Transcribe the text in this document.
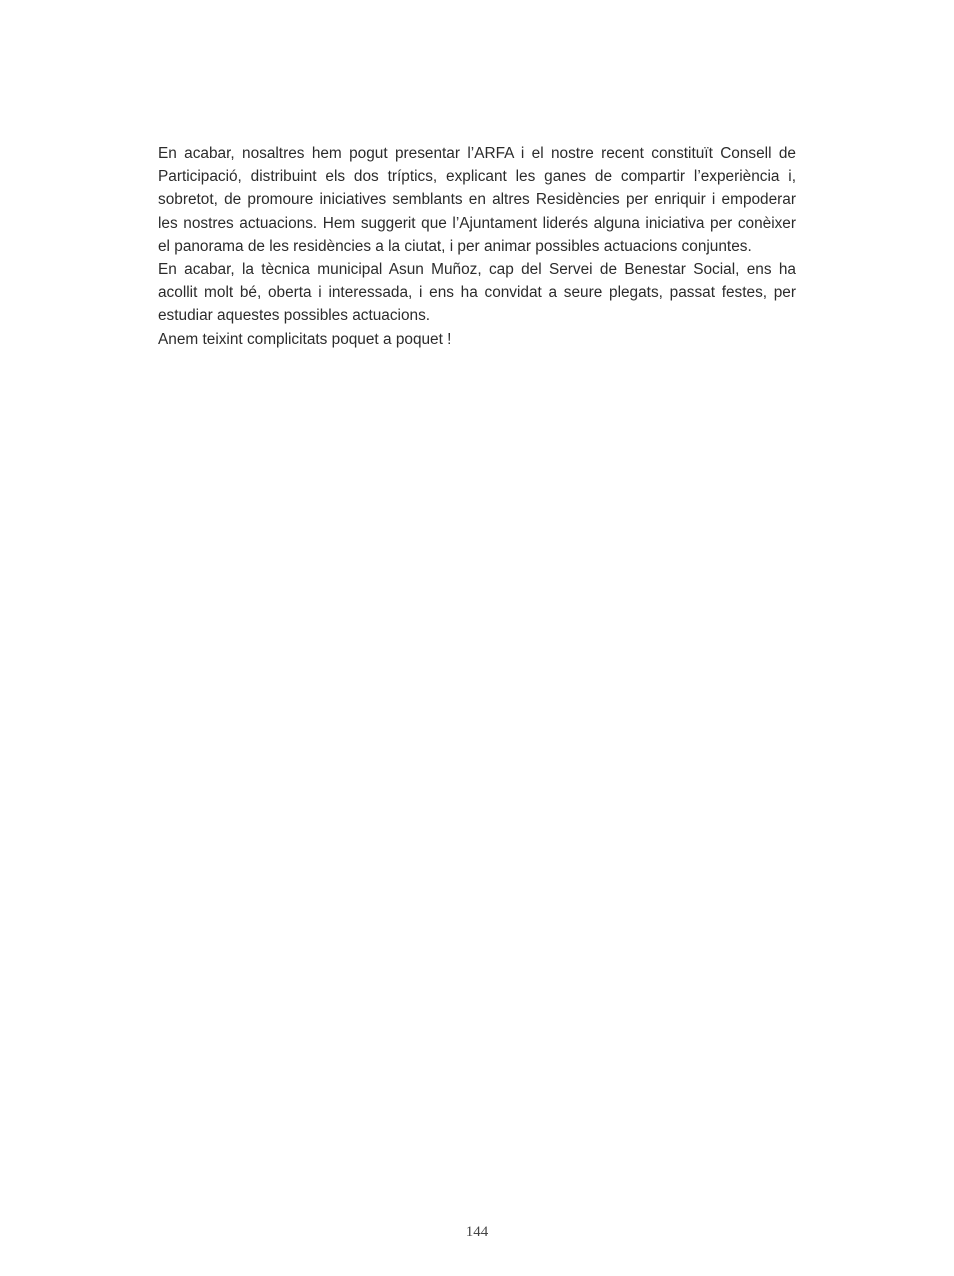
En acabar, nosaltres hem pogut presentar l’ARFA i el nostre recent constituït Consell de Participació, distribuint els dos tríptics, explicant les ganes de compartir l’experiència i, sobretot, de promoure iniciatives semblants en altres Residències per enriquir i empoderar les nostres actuacions. Hem suggerit que l’Ajuntament liderés alguna iniciativa per conèixer el panorama de les residències a la ciutat, i per animar possibles actuacions conjuntes.

En acabar, la tècnica municipal Asun Muñoz, cap del Servei de Benestar Social, ens ha acollit molt bé, oberta i interessada, i ens ha convidat a seure plegats, passat festes, per estudiar aquestes possibles actuacions.

Anem teixint complicitats poquet a poquet !

144
